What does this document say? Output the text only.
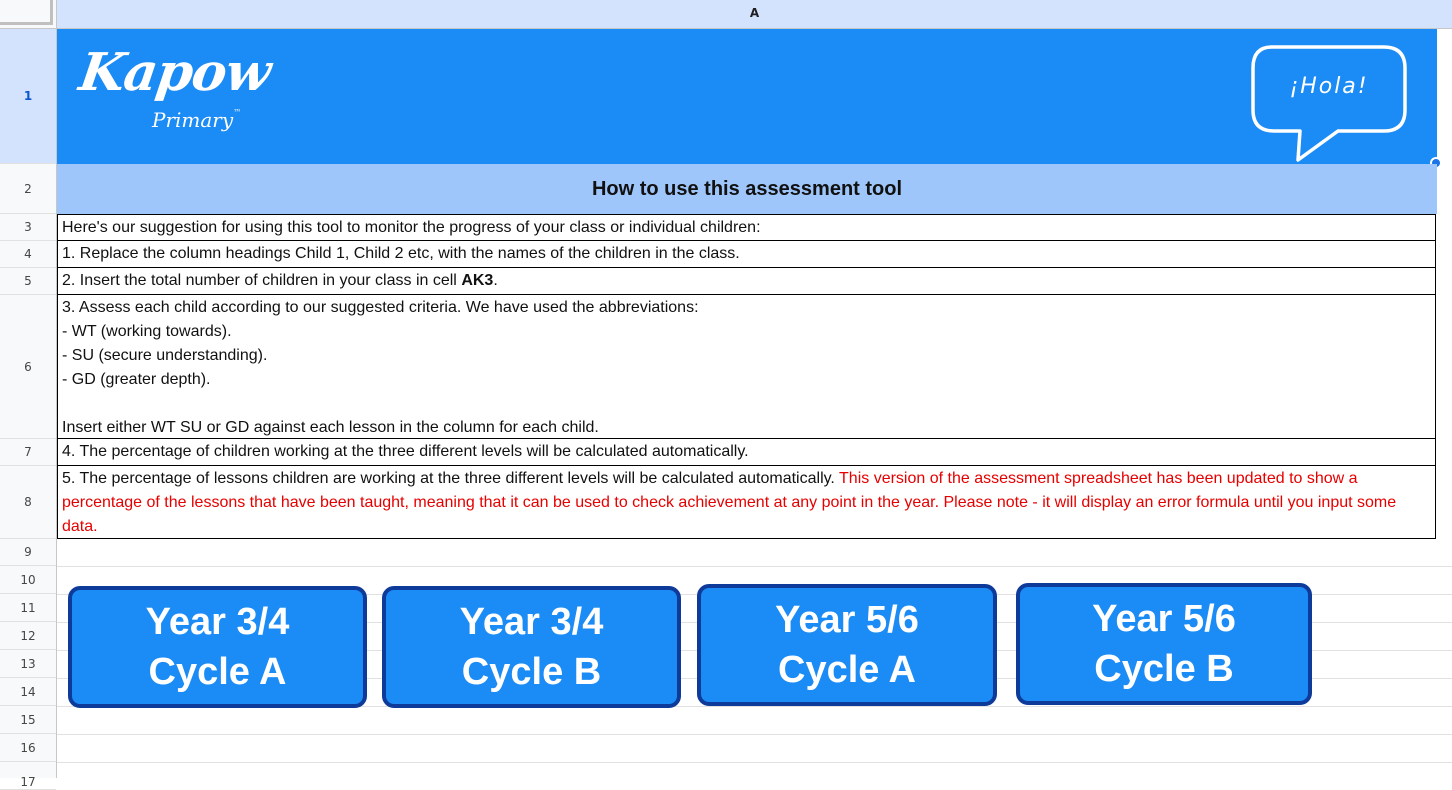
A
1
2
3
4
5
6
7
8
9
10
11
12
13
14
15
16
17
Kapow
Primary™
¡Hola!
How to use this assessment tool
Here's our suggestion for using this tool to monitor the progress of your class or individual children:
1. Replace the column headings Child 1, Child 2 etc, with the names of the children in the class.
2. Insert the total number of children in your class in cell AK3.
3. Assess each child according to our suggested criteria. We have used the abbreviations:
- WT (working towards).
- SU (secure understanding).
- GD (greater depth).
Insert either WT SU or GD against each lesson in the column for each child.
4. The percentage of children working at the three different levels will be calculated automatically.
5. The percentage of lessons children are working at the three different levels will be calculated automatically. This version of the assessment spreadsheet has been updated to show a percentage of the lessons that have been taught, meaning that it can be used to check achievement at any point in the year. Please note - it will display an error formula until you input some data.
Year 3/4
Cycle A
Year 3/4
Cycle B
Year 5/6
Cycle A
Year 5/6
Cycle B
